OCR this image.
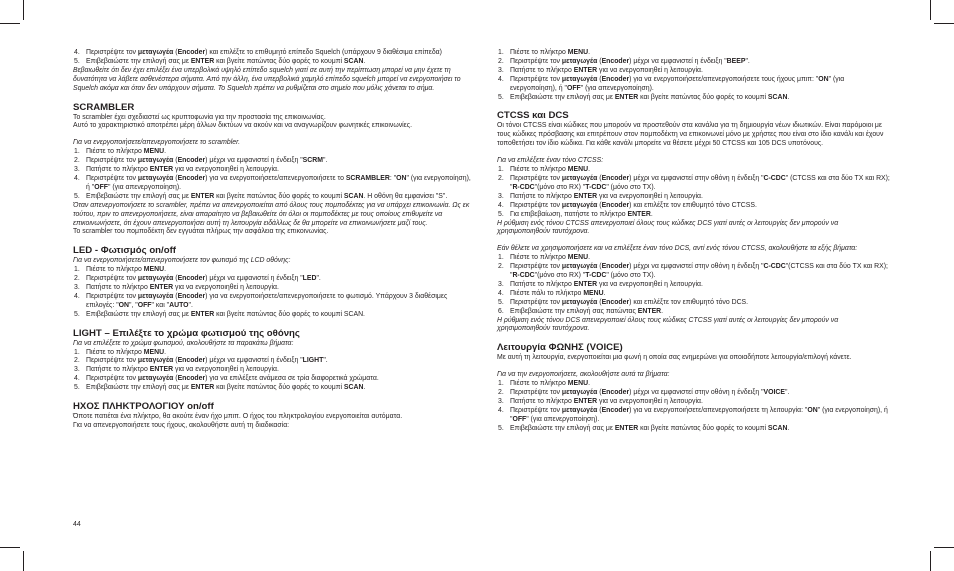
4. Περιστρέψτε τον μεταγωγέα (Encoder) και επιλέξτε το επιθυμητό επίπεδο Squelch (υπάρχουν 9 διαθέσιμα επίπεδα)
5. Επιβεβαιώστε την επιλογή σας με ENTER και βγείτε πατώντας δύο φορές το κουμπί SCAN.

Βεβαιωθείτε ότι δεν έχει επιλέξει ένα υπερβολικά υψηλό επίπεδο squelch γιατί σε αυτή την περίπτωση μπορεί να μην έχετε τη δυνατότητα να λάβετε ασθενέστερα σήματα. Από την άλλη, ένα υπερβολικά χαμηλό επίπεδο squelch μπορεί να ενεργοποιήσει το Squelch ακόμα και όταν δεν υπάρχουν σήματα. Το Squelch πρέπει να ρυθμίζεται στο σημείο που μόλις χάνεται το σήμα.

SCRAMBLER

Το scrambler έχει σχεδιαστεί ως κρυπτοφωνία για την προστασία της επικοινωνίας.

Αυτό το χαρακτηριστικό αποτρέπει μέρη άλλων δικτύων να ακούν και να αναγνωρίζουν φωνητικές επικοινωνίες.

Για να ενεργοποιήσετε/απενεργοποιήσετε το scrambler.

1. Πιέστε το πλήκτρο MENU.
2. Περιστρέψτε τον μεταγωγέα (Encoder) μέχρι να εμφανιστεί η ένδειξη "SCRM".
3. Πατήστε το πλήκτρο ENTER για να ενεργοποιηθεί η λειτουργία.
4. Περιστρέψτε τον μεταγωγέα (Encoder) για να ενεργοποιήσετε/απενεργοποιήσετε το SCRAMBLER: "ON" (για ενεργοποίηση), ή "OFF" (για απενεργοποίηση).
5. Επιβεβαιώστε την επιλογή σας με ENTER και βγείτε πατώντας δύο φορές το κουμπί SCAN. Η οθόνη θα εμφανίσει "S".

Όταν απενεργοποιήσετε το scrambler, πρέπει να απενεργοποιείται από όλους τους πομποδέκτες για να υπάρχει επικοινωνία. Ως εκ τούτου, πριν το απενεργοποιήσετε, είναι απαραίτητο να βεβαιωθείτε ότι όλοι οι πομποδέκτες με τους οποίους επιθυμείτε να επικοινωνήσετε, ότι έχουν απενεργοποιήσει αυτή τη λειτουργία ειδάλλως δε θα μπορείτε να επικοινωνήσετε μαζί τους.

Το scrambler του πομποδέκτη δεν εγγυάται πλήρως την ασφάλεια της επικοινωνίας.

LED - Φωτισμός on/off

Για να ενεργοποιήσετε/απενεργοποιήσετε τον φωτισμό της LCD οθόνης:

1. Πιέστε το πλήκτρο MENU.
2. Περιστρέψτε τον μεταγωγέα (Encoder) μέχρι να εμφανιστεί η ένδειξη "LED".
3. Πατήστε το πλήκτρο ENTER για να ενεργοποιηθεί η λειτουργία.
4. Περιστρέψτε τον μεταγωγέα (Encoder) για να ενεργοποιήσετε/απενεργοποιήσετε το φωτισμό. Υπάρχουν 3 διαθέσιμες επιλογές: "ON", "OFF" και "AUTO".
5. Επιβεβαιώστε την επιλογή σας με ENTER και βγείτε πατώντας δύο φορές το κουμπί SCAN.
LIGHT – Επιλέξτε το χρώμα φωτισμού της οθόνης

Για να επιλέξετε το χρώμα φωτισμού, ακολουθήστε τα παρακάτω βήματα:

1. Πιέστε το πλήκτρο MENU.
2. Περιστρέψτε τον μεταγωγέα (Encoder) μέχρι να εμφανιστεί η ένδειξη "LIGHT".
3. Πατήστε το πλήκτρο ENTER για να ενεργοποιηθεί η λειτουργία.
4. Περιστρέψτε τον μεταγωγέα (Encoder) για να επιλέξετε ανάμεσα σε τρία διαφορετικά χρώματα.
5. Επιβεβαιώστε την επιλογή σας με ENTER και βγείτε πατώντας δύο φορές το κουμπί SCAN.
ΗΧΟΣ ΠΛΗΚΤΡΟΛΟΓΙΟΥ on/off

Όποτε πατιέται ένα πλήκτρο, θα ακούτε έναν ήχο μπιπ. Ο ήχος του πληκτρολογίου ενεργοποιείται αυτόματα.

Για να απενεργοποιήσετε τους ήχους, ακολουθήστε αυτή τη διαδικασία:

44
1. Πιέστε το πλήκτρο MENU.
2. Περιστρέψτε τον μεταγωγέα (Encoder) μέχρι να εμφανιστεί η ένδειξη "BEEP".
3. Πατήστε το πλήκτρο ENTER για να ενεργοποιηθεί η λειτουργία.
4. Περιστρέψτε τον μεταγωγέα (Encoder) για να ενεργοποιήσετε/απενεργοποιήσετε τους ήχους μπιπ: "ON" (για ενεργοποίηση), ή "OFF" (για απενεργοποίηση).
5. Επιβεβαιώστε την επιλογή σας με ENTER και βγείτε πατώντας δύο φορές το κουμπί SCAN.
CTCSS και DCS

Οι τόνοι CTCSS είναι κώδικες που μπορούν να προστεθούν στα κανάλια για τη δημιουργία νέων ιδιωτικών. Είναι παρόμοιοι με τους κώδικες πρόσβασης και επιτρέπουν στον πομποδέκτη να επικοινωνεί μόνο με χρήστες που είναι στο ίδιο κανάλι και έχουν τοποθετήσει τον ίδιο κώδικα. Για κάθε κανάλι μπορείτε να θέσετε μέχρι 50 CTCSS και 105 DCS υποτόνους.

Για να επιλέξετε έναν τόνο CTCSS:

1. Πιέστε το πλήκτρο MENU.
2. Περιστρέψτε τον μεταγωγέα (Encoder) μέχρι να εμφανιστεί στην οθόνη η ένδειξη "C-CDC" (CTCSS και στα δύο TX και RX); "R-CDC"(μόνο στο RX) "T-CDC" (μόνο στο TX).
3. Πατήστε το πλήκτρο ENTER για να ενεργοποιηθεί η λειτουργία.
4. Περιστρέψτε τον μεταγωγέα (Encoder) και επιλέξτε τον επιθυμητό τόνο CTCSS.
5. Για επιβεβαίωση, πατήστε το πλήκτρο ENTER.

Η ρύθμιση ενός τόνου CTCSS απενεργοποιεί όλους τους κώδικες DCS γιατί αυτές οι λειτουργίες δεν μπορούν να χρησιμοποιηθούν ταυτόχρονα.

Εάν θέλετε να χρησιμοποιήσετε και να επιλέξετε έναν τόνο DCS, αντί ενός τόνου CTCSS, ακολουθήστε τα εξής βήματα:

1. Πιέστε το πλήκτρο MENU.
2. Περιστρέψτε τον μεταγωγέα (Encoder) μέχρι να εμφανιστεί στην οθόνη η ένδειξη "C-CDC"(CTCSS και στα δύο TX και RX); "R-CDC"(μόνο στο RX) "T-CDC" (μόνο στο TX).
3. Πατήστε το πλήκτρο ENTER για να ενεργοποιηθεί η λειτουργία.
4. Πιέστε πάλι το πλήκτρο MENU.
5. Περιστρέψτε τον μεταγωγέα (Encoder) και επιλέξτε τον επιθυμητό τόνο DCS.
6. Επιβεβαιώστε την επιλογή σας πατώντας ENTER.

Η ρύθμιση ενός τόνου DCS απενεργοποιεί όλους τους κώδικες CTCSS γιατί αυτές οι λειτουργίες δεν μπορούν να χρησιμοποιηθούν ταυτόχρονα.

Λειτουργία ΦΩΝΗΣ (VOICE)

Με αυτή τη λειτουργία, ενεργοποιείται μια φωνή η οποία σας ενημερώνει για οποιαδήποτε λειτουργία/επιλογή κάνετε.

Για να την ενεργοποιήσετε, ακολουθήστε αυτά τα βήματα:

1. Πιέστε το πλήκτρο MENU.
2. Περιστρέψτε τον μεταγωγέα (Encoder) μέχρι να εμφανιστεί στην οθόνη η ένδειξη "VOICE".
3. Πατήστε το πλήκτρο ENTER για να ενεργοποιηθεί η λειτουργία.
4. Περιστρέψτε τον μεταγωγέα (Encoder) για να ενεργοποιήσετε/απενεργοποιήσετε τη λειτουργία: "ON" (για ενεργοποίηση), ή "OFF" (για απενεργοποίηση).
5. Επιβεβαιώστε την επιλογή σας με ENTER και βγείτε πατώντας δύο φορές το κουμπί SCAN.
